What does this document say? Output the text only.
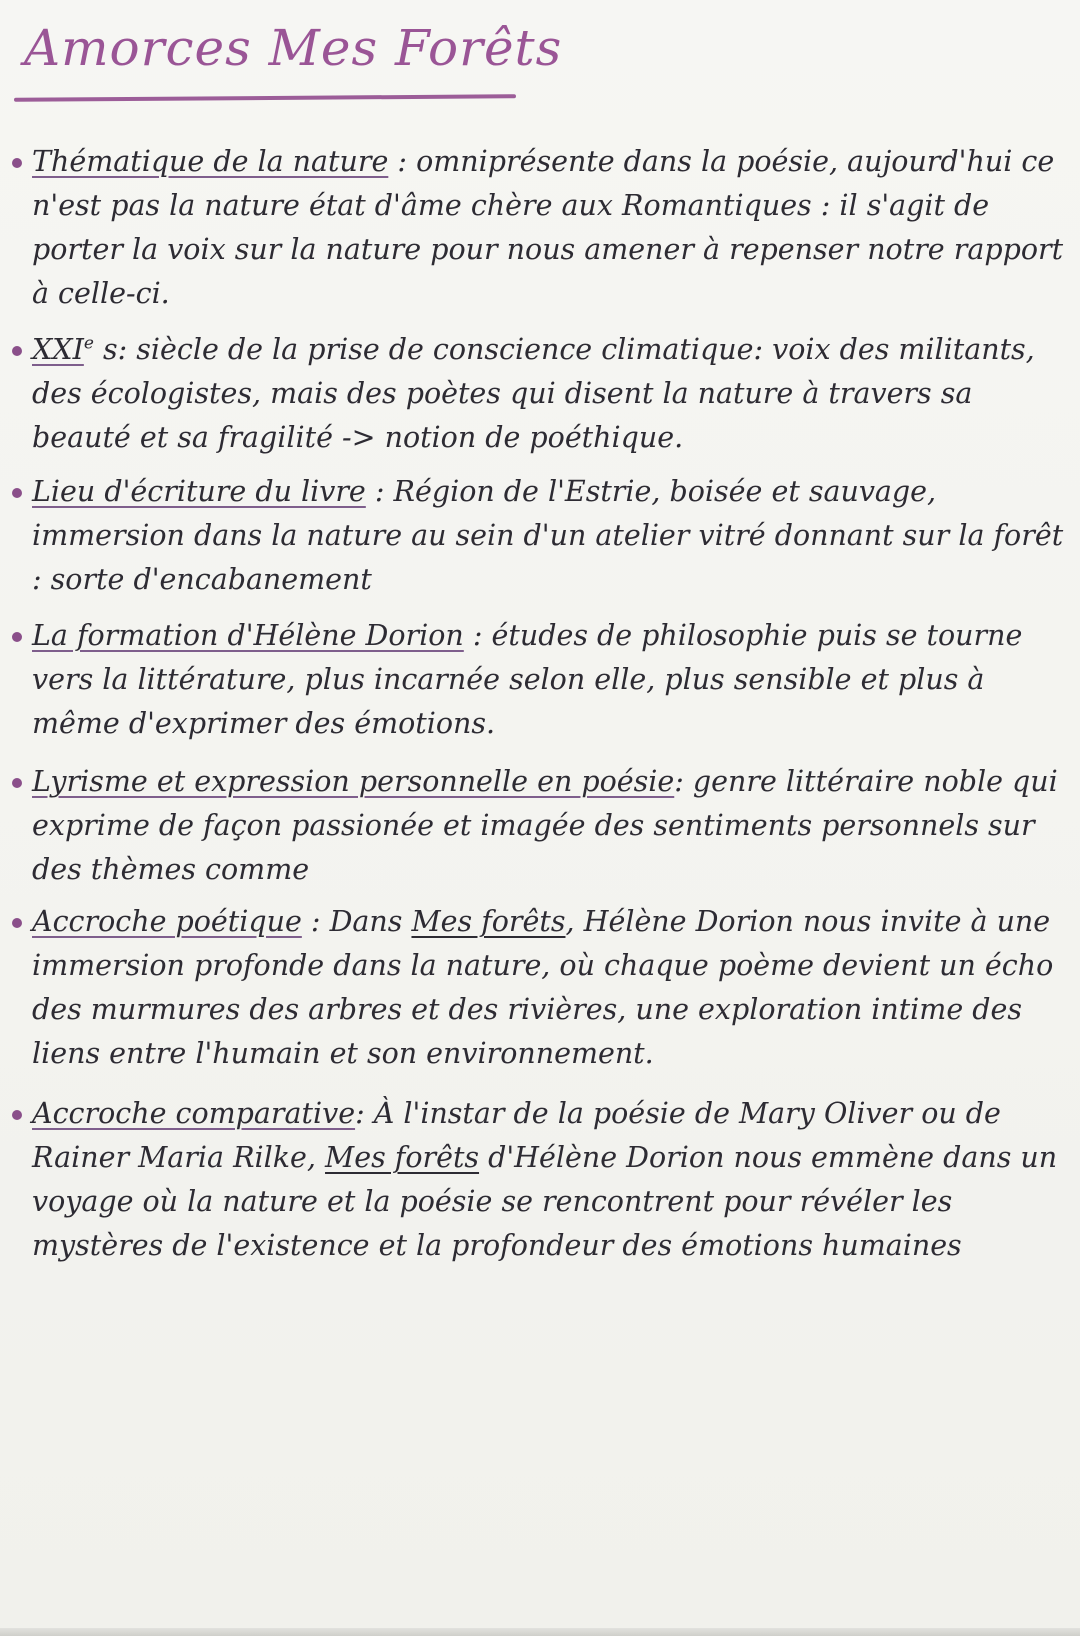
Amorces Mes Forêts
Thématique de la nature : omniprésente dans la poésie, aujourd'hui ce n'est pas la nature état d'âme chère aux Romantiques : il s'agit de porter la voix sur la nature pour nous amener à repenser notre rapport à celle-ci.
XXIe s: siècle de la prise de conscience climatique: voix des militants, des écologistes, mais des poètes qui disent la nature à travers sa beauté et sa fragilité -> notion de poéthique.
Lieu d'écriture du livre : Région de l'Estrie, boisée et sauvage, immersion dans la nature au sein d'un atelier vitré donnant sur la forêt : sorte d'encabanement
La formation d'Hélène Dorion : études de philosophie puis se tourne vers la littérature, plus incarnée selon elle, plus sensible et plus à même d'exprimer des émotions.
Lyrisme et expression personnelle en poésie: genre littéraire noble qui exprime de façon passionée et imagée des sentiments personnels sur des thèmes comme
Accroche poétique : Dans Mes forêts, Hélène Dorion nous invite à une immersion profonde dans la nature, où chaque poème devient un écho des murmures des arbres et des rivières, une exploration intime des liens entre l'humain et son environnement.
Accroche comparative: À l'instar de la poésie de Mary Oliver ou de Rainer Maria Rilke, Mes forêts d'Hélène Dorion nous emmène dans un voyage où la nature et la poésie se rencontrent pour révéler les mystères de l'existence et la profondeur des émotions humaines
